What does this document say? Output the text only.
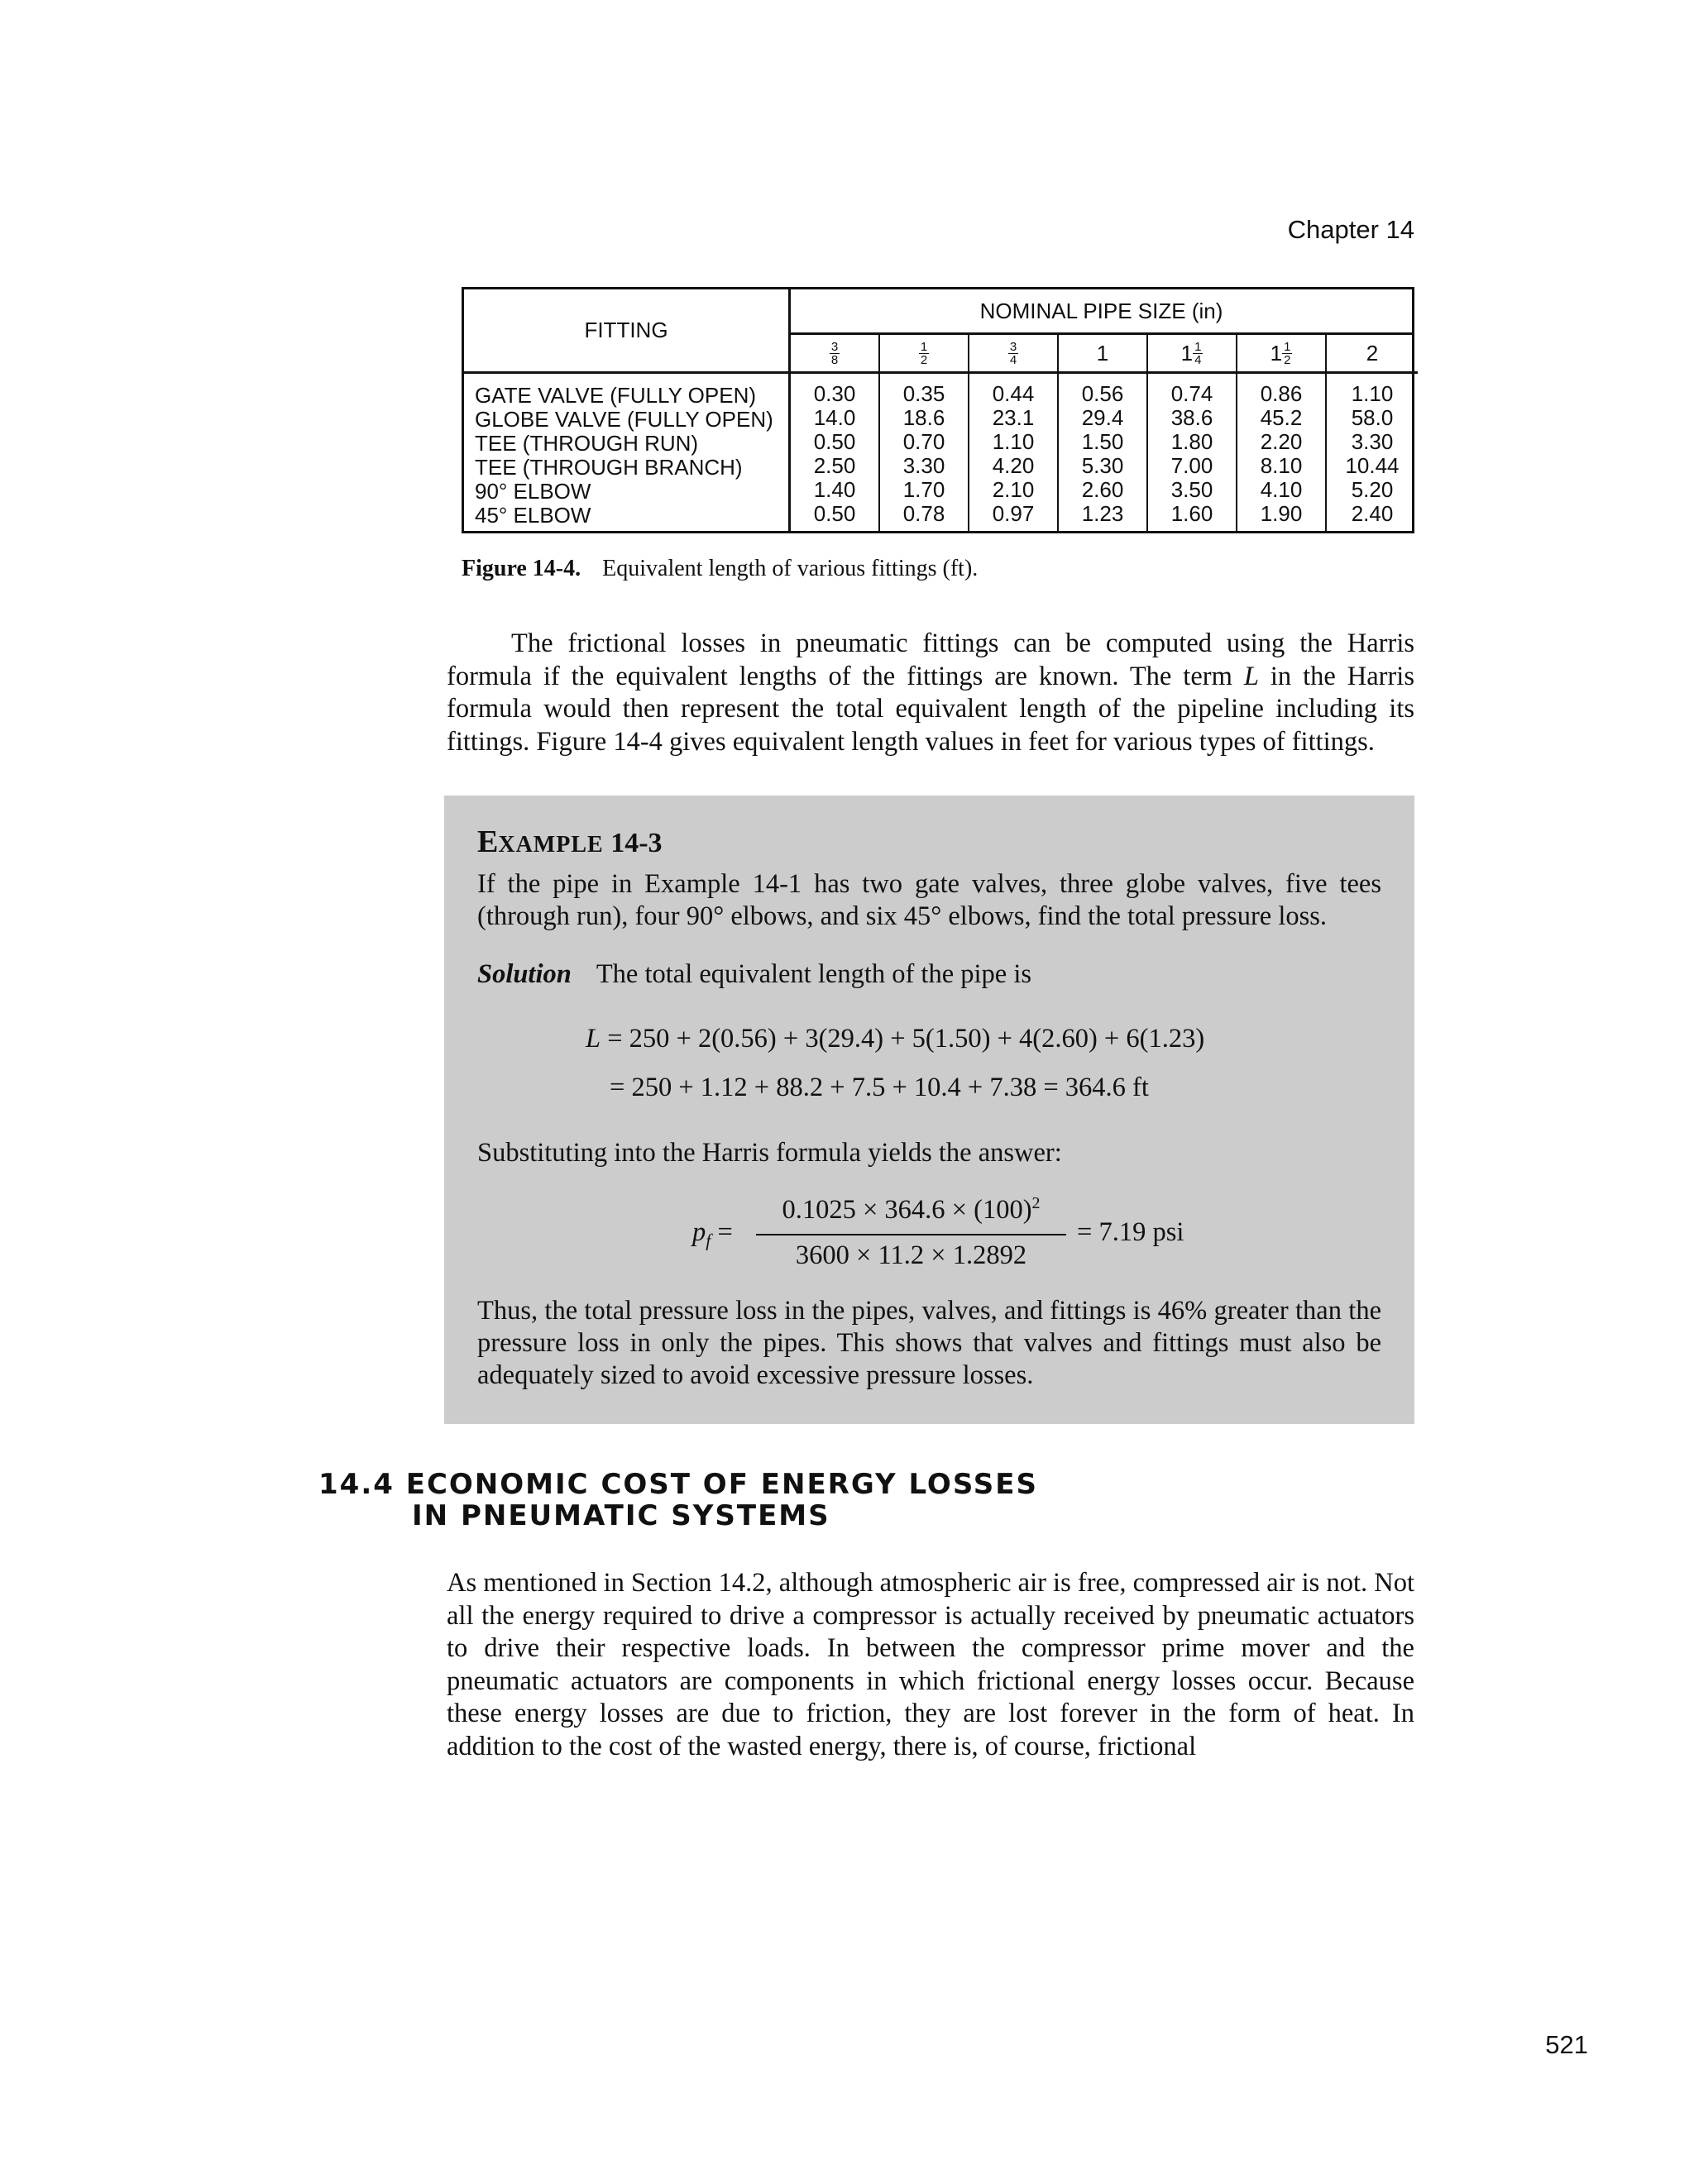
Chapter 14
FITTING
GATE VALVE (FULLY OPEN)
GLOBE VALVE (FULLY OPEN)
TEE (THROUGH RUN)
TEE (THROUGH BRANCH)
90° ELBOW
45° ELBOW
NOMINAL PIPE SIZE (in)
$\frac{3}{8}$
0.30
14.0
0.50
2.50
1.40
0.50
$\frac{1}{2}$
0.35
18.6
0.70
3.30
1.70
0.78
$\frac{3}{4}$
0.44
23.1
1.10
4.20
2.10
0.97
1
0.56
29.4
1.50
5.30
2.60
1.23
$1 \frac{1}{4}$
0.74
38.6
1.80
7.00
3.50
1.60
$1 \frac{1}{2}$
0.86
45.2
2.20
8.10
4.10
1.90
2
1.10
58.0
3.30
10.44
5.20
2.40
Figure 14-4. Equivalent length of various fittings (ft).

The frictional losses in pneumatic fittings can be computed using the Harris formula if the equivalent lengths of the fittings are known. The term L in the Harris formula would then represent the total equivalent length of the pipeline including its fittings. Figure 14-4 gives equivalent length values in feet for various types of fittings.

EXAMPLE 14-3

If the pipe in Example 14-1 has two gate valves, three globe valves, five tees (through run), four 90° elbows, and six 45° elbows, find the total pressure loss.

Solution The total equivalent length of the pipe is
L = 250 + 2(0.56) + 3(29.4) + 5(1.50) + 4(2.60) + 6(1.23)
= 250 + 1.12 + 88.2 + 7.5 + 10.4 + 7.38 = 364.6 ft
Substituting into the Harris formula yields the answer:
$p_f$ =
$0.1025 \times 364.6 \times (100)^2$
3600 × 11.2 × 1.2892
= 7.19 psi

Thus, the total pressure loss in the pipes, valves, and fittings is 46% greater than the pressure loss in only the pipes. This shows that valves and fittings must also be adequately sized to avoid excessive pressure losses.

14.4 ECONOMIC COST OF ENERGY LOSSES
IN PNEUMATIC SYSTEMS

As mentioned in Section 14.2, although atmospheric air is free, compressed air is not. Not all the energy required to drive a compressor is actually received by pneumatic actuators to drive their respective loads. In between the compressor prime mover and the pneumatic actuators are components in which frictional energy losses occur. Because these energy losses are due to friction, they are lost forever in the form of heat. In addition to the cost of the wasted energy, there is, of course, frictional

521
